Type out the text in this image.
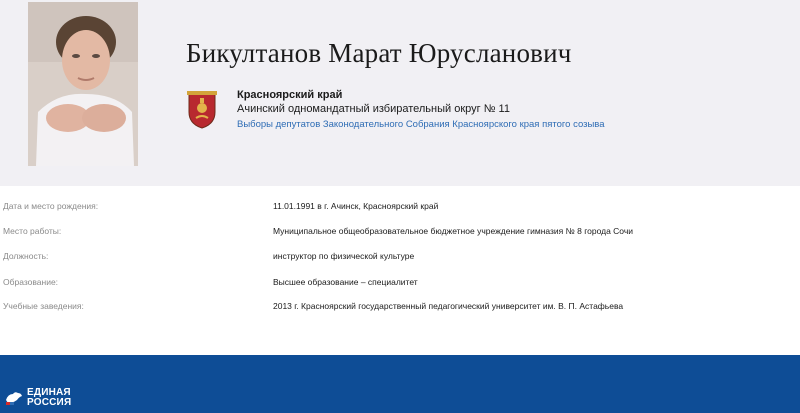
Бикултанов Марат Юрусланович
Красноярский край
Ачинский одномандатный избирательный округ № 11
Выборы депутатов Законодательного Собрания Красноярского края пятого созыва
Дата и место рождения:	11.01.1991 в г. Ачинск, Красноярский край
Место работы:	Муниципальное общеобразовательное бюджетное учреждение гимназия № 8 города Сочи
Должность:	инструктор по физической культуре
Образование:	Высшее образование – специалитет
Учебные заведения:	2013 г. Красноярский государственный педагогический университет им. В. П. Астафьева
ЕДИНАЯ
РОССИЯ
